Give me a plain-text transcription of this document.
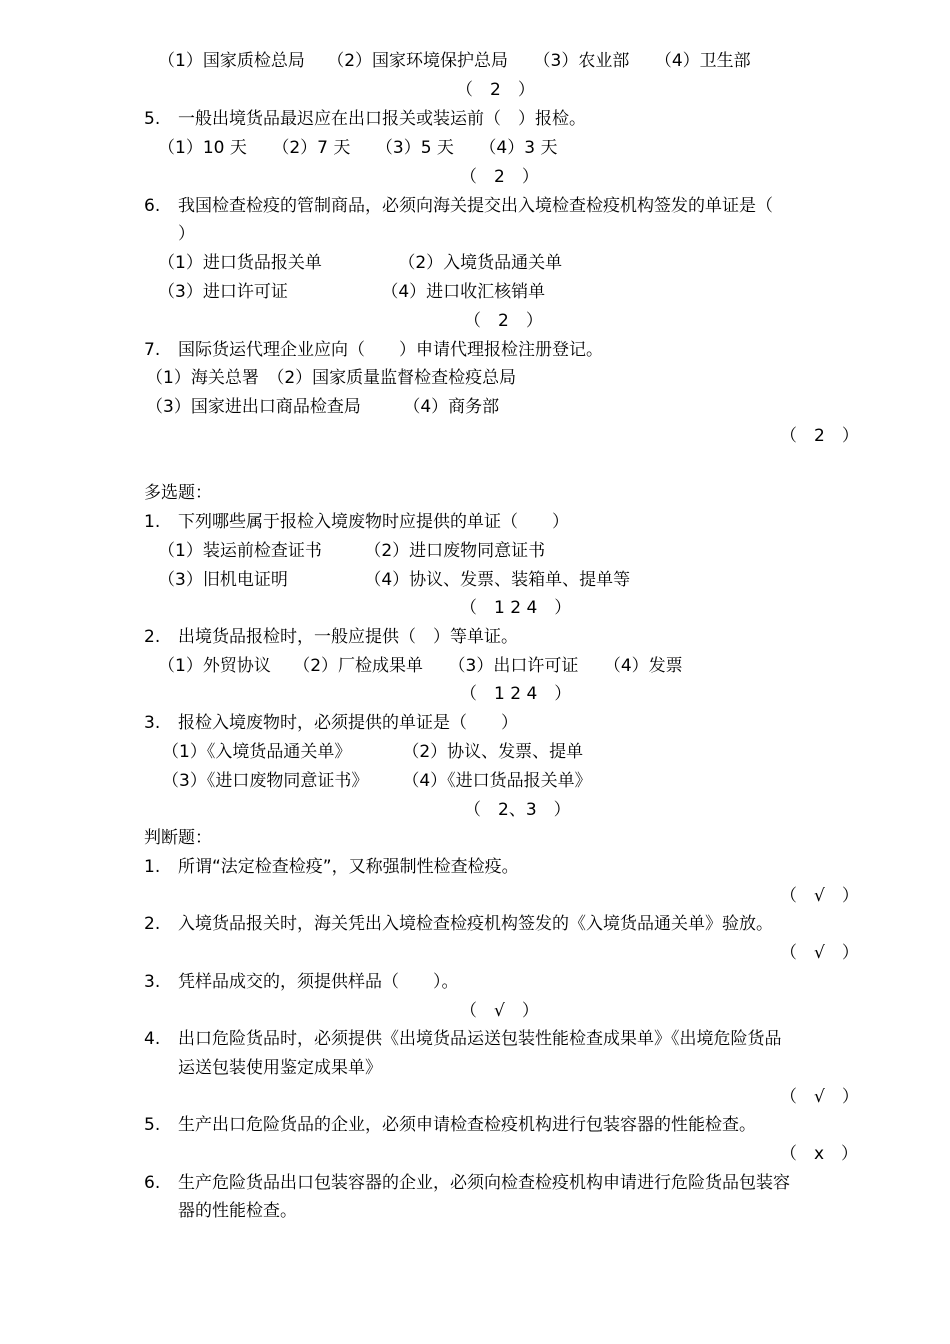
（1）国家质检总局　 （2）国家环境保护总局　　（3）农业部　　（4）卫生部
（　2　）
5. 一般出境货品最迟应在出口报关或装运前（　）报检。
（1）10 天　　（2）7 天　　（3）5 天　　（4）3 天
（　2　）
6. 我国检查检疫的管制商品，必须向海关提交出入境检查检疫机构签发的单证是（
）
（1）进口货品报关单　　　　　（2）入境货品通关单
（3）进口许可证　　　　　　（4）进口收汇核销单
（　2　）
7. 国际货运代理企业应向（　　）申请代理报检注册登记。
（1）海关总署　（2）国家质量监督检查检疫总局
（3）国家进出口商品检查局　　　（4）商务部
（　2　）
多选题：
1. 下列哪些属于报检入境废物时应提供的单证（　　）
（1）装运前检查证书　　　（2）进口废物同意证书
（3）旧机电证明　　　　　（4）协议、发票、装箱单、提单等
（　1 2 4　）
2. 出境货品报检时，一般应提供（　）等单证。
（1）外贸协议　 （2）厂检成果单　　（3）出口许可证　　（4）发票
（　1 2 4　）
3. 报检入境废物时，必须提供的单证是（　　）
（1）《入境货品通关单》　　　　（2）协议、发票、提单
（3）《进口废物同意证书》　　　（4）《进口货品报关单》
（　2、3　）
判断题：
1. 所谓“法定检查检疫”，又称强制性检查检疫。
（　√　）
2. 入境货品报关时，海关凭出入境检查检疫机构签发的《入境货品通关单》验放。
（　√　）
3. 凭样品成交的，须提供样品（　　）。
（　√　）
4. 出口危险货品时，必须提供《出境货品运送包装性能检查成果单》《出境危险货品
运送包装使用鉴定成果单》
（　√　）
5. 生产出口危险货品的企业，必须申请检查检疫机构进行包装容器的性能检查。
（　x　）
6. 生产危险货品出口包装容器的企业，必须向检查检疫机构申请进行危险货品包装容
器的性能检查。
